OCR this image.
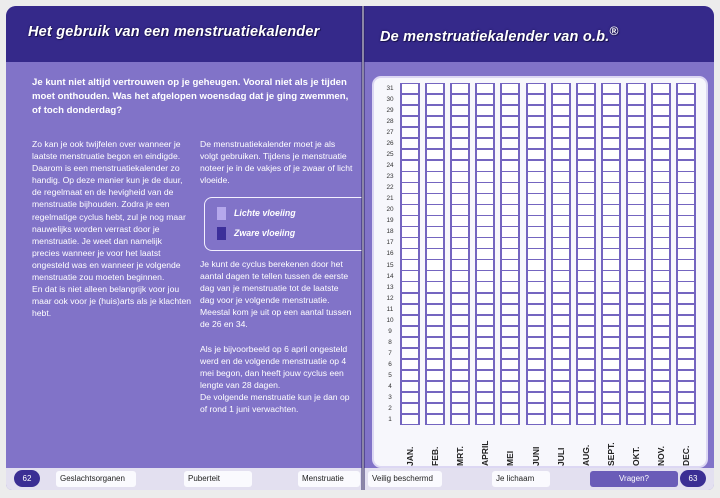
Het gebruik van een menstruatiekalender
Je kunt niet altijd vertrouwen op je geheugen. Vooral niet als je tijden moet onthouden. Was het afgelopen woensdag dat je ging zwemmen, of toch donderdag?

Zo kan je ook twijfelen over wanneer je laatste menstruatie begon en eindigde. Daarom is een menstruatiekalender zo handig. Op deze manier kun je de duur, de regelmaat en de hevigheid van de menstruatie bijhouden. Zodra je een regelmatige cyclus hebt, zul je nog maar nauwelijks worden verrast door je menstruatie. Je weet dan namelijk precies wanneer je voor het laatst ongesteld was en wanneer je volgende menstruatie zou moeten beginnen.

En dat is niet alleen belangrijk voor jou maar ook voor je (huis)arts als je klachten hebt.

De menstruatiekalender moet je als volgt gebruiken. Tijdens je menstruatie noteer je in de vakjes of je zwaar of licht vloeide.

Je kunt de cyclus berekenen door het aantal dagen te tellen tussen de eerste dag van je menstruatie tot de laatste dag voor je volgende menstruatie. Meestal kom je uit op een aantal tussen de 26 en 34.

Als je bijvoorbeeld op 6 april ongesteld werd en de volgende menstruatie op 4 mei begon, dan heeft jouw cyclus een lengte van 28 dagen.

De volgende menstruatie kun je dan op of rond 1 juni verwachten.

Lichte vloeiing
Zware vloeiing
62	Geslachtsorganen	Puberteit	Menstruatie
De menstruatiekalender van o.b.®
1
2
3
4
5
6
7
8
9
10
11
12
13
14
15
16
17
18
19
20
21
22
23
24
25
26
27
28
29
30
31
JAN. FEB. MRT. APRIL MEI JUNI JULI AUG. SEPT. OKT. NOV. DEC.
Veilig beschermd	Je lichaam	Vragen?	63
